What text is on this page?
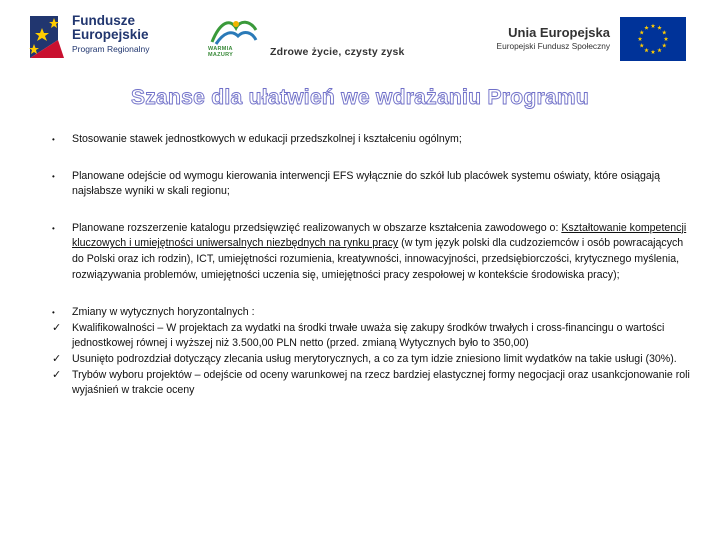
Fundusze
Europejskie
Program Regionalny	WARMIA
MAZURY	Zdrowe życie, czysty zysk
Unia Europejska
Europejski Fundusz Społeczny
Szanse dla ułatwień we wdrażaniu Programu
•	Stosowanie stawek jednostkowych w edukacji przedszkolnej i kształceniu ogólnym;
•	Planowane odejście od wymogu kierowania interwencji EFS wyłącznie do szkół lub placówek systemu oświaty, które osiągają najsłabsze wyniki w skali regionu;
•	Planowane rozszerzenie katalogu przedsięwzięć realizowanych w obszarze kształcenia zawodowego o: Kształtowanie kompetencji kluczowych i umiejętności uniwersalnych niezbędnych na rynku pracy (w tym język polski dla cudzoziemców i osób powracających do Polski oraz ich rodzin), ICT, umiejętności rozumienia, kreatywności, innowacyjności, przedsiębiorczości, krytycznego myślenia, rozwiązywania problemów, umiejętności uczenia się, umiejętności pracy zespołowej w kontekście środowiska pracy);
•	Zmiany w wytycznych horyzontalnych :
✓	Kwalifikowalności – W projektach za wydatki na środki trwałe uważa się zakupy środków trwałych i cross-financingu o wartości jednostkowej równej i wyższej niż 3.500,00 PLN netto (przed. zmianą Wytycznych było to 350,00)
✓	Usunięto podrozdział dotyczący zlecania usług merytorycznych, a co za tym idzie zniesiono limit wydatków na takie usługi (30%).
✓	Trybów wyboru projektów – odejście od oceny warunkowej na rzecz bardziej elastycznej formy negocjacji oraz usankcjonowanie roli wyjaśnień w trakcie oceny
